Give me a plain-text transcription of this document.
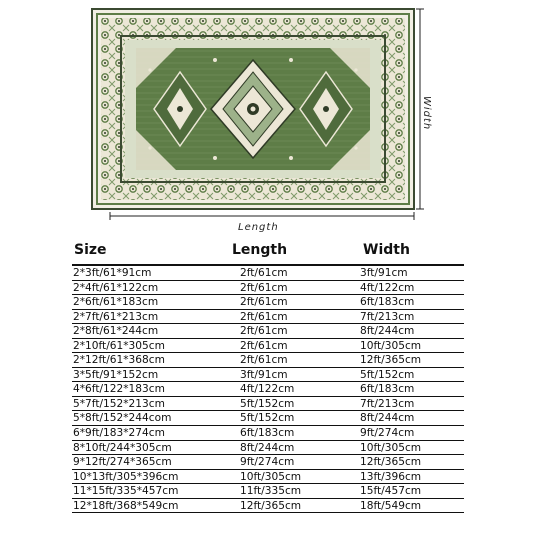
Length
Width
Size	Length	Width
2*3ft/61*91cm	2ft/61cm	3ft/91cm
2*4ft/61*122cm	2ft/61cm	4ft/122cm
2*6ft/61*183cm	2ft/61cm	6ft/183cm
2*7ft/61*213cm	2ft/61cm	7ft/213cm
2*8ft/61*244cm	2ft/61cm	8ft/244cm
2*10ft/61*305cm	2ft/61cm	10ft/305cm
2*12ft/61*368cm	2ft/61cm	12ft/365cm
3*5ft/91*152cm	3ft/91cm	5ft/152cm
4*6ft/122*183cm	4ft/122cm	6ft/183cm
5*7ft/152*213cm	5ft/152cm	7ft/213cm
5*8ft/152*244com	5ft/152cm	8ft/244cm
6*9ft/183*274cm	6ft/183cm	9ft/274cm
8*10ft/244*305cm	8ft/244cm	10ft/305cm
9*12ft/274*365cm	9ft/274cm	12ft/365cm
10*13ft/305*396cm	10ft/305cm	13ft/396cm
11*15ft/335*457cm	11ft/335cm	15ft/457cm
12*18ft/368*549cm	12ft/365cm	18ft/549cm
